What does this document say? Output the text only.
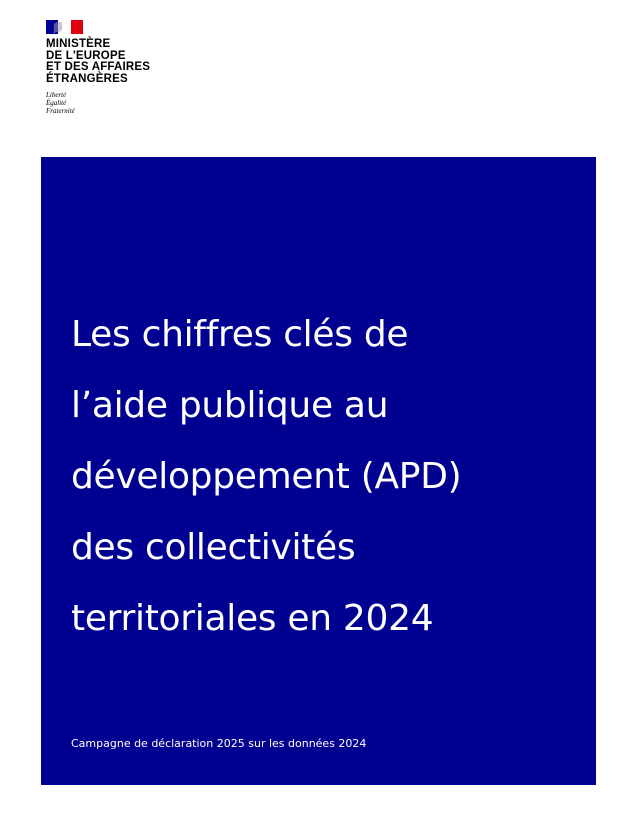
MINISTÈRE
DE L'EUROPE
ET DES AFFAIRES
ÉTRANGÈRES
Liberté
Égalité
Fraternité
Les chiffres clés de
l’aide publique au
développement (APD)
des collectivités
territoriales en 2024
Campagne de déclaration 2025 sur les données 2024
